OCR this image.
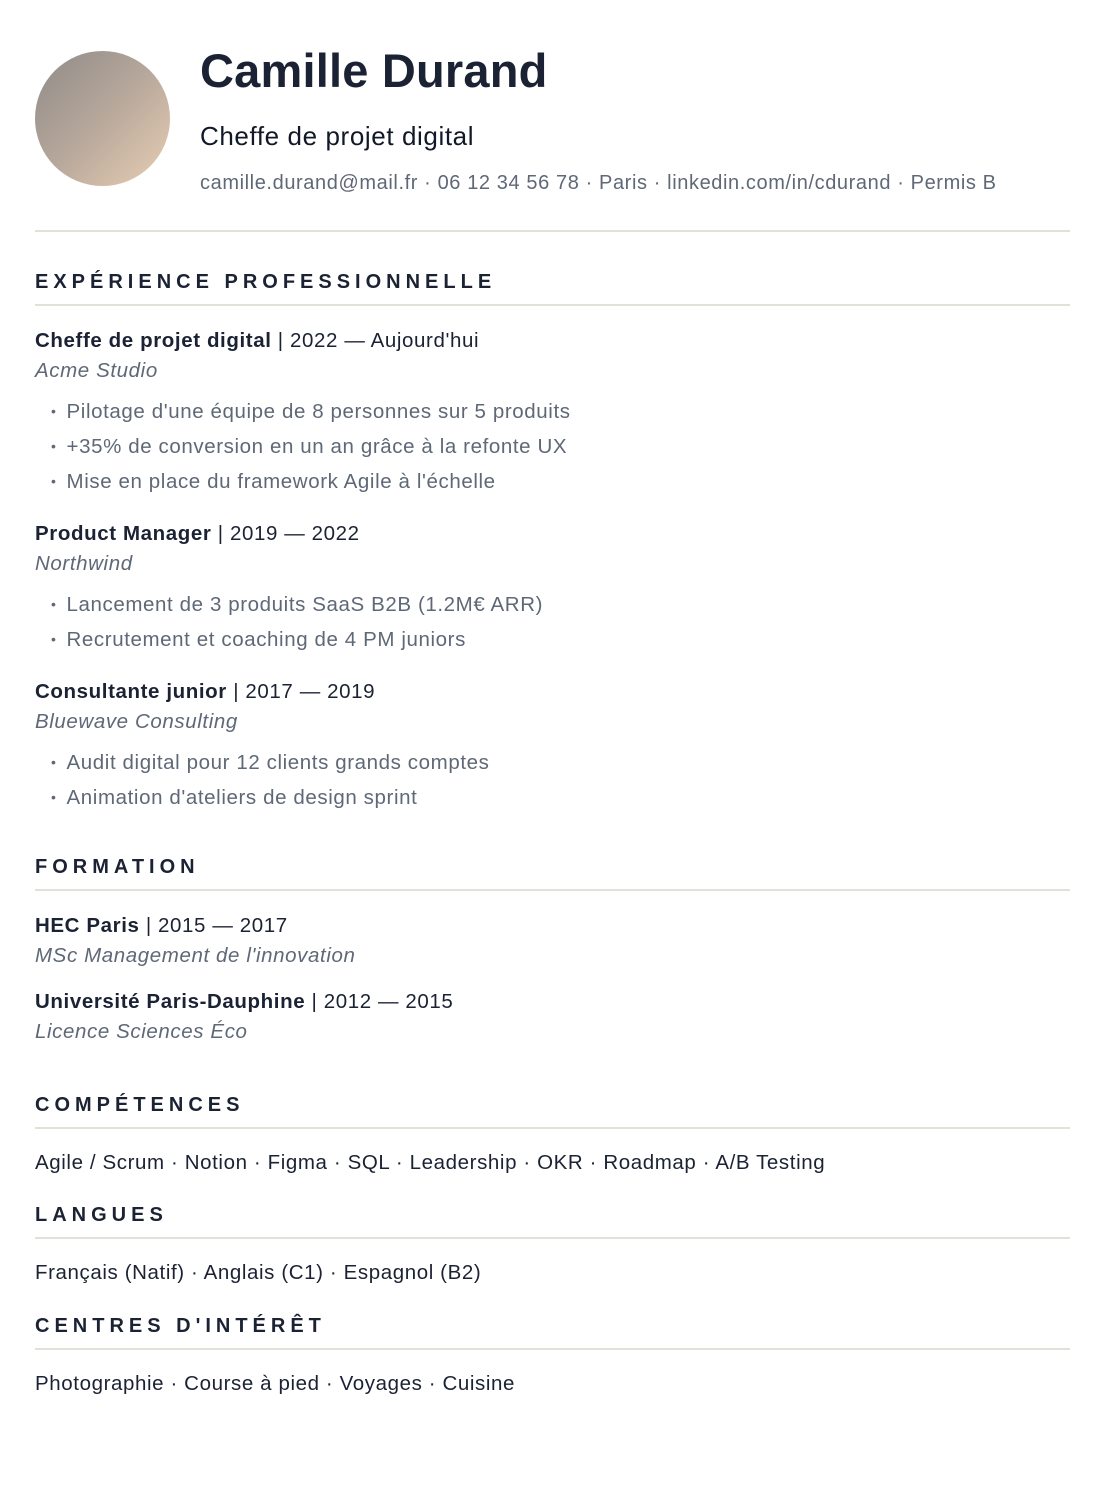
Camille Durand
Cheffe de projet digital
camille.durand@mail.fr · 06 12 34 56 78 · Paris · linkedin.com/in/cdurand · Permis B
EXPÉRIENCE PROFESSIONNELLE
Cheffe de projet digital | 2022 — Aujourd'hui
Acme Studio
• Pilotage d'une équipe de 8 personnes sur 5 produits
• +35% de conversion en un an grâce à la refonte UX
• Mise en place du framework Agile à l'échelle
Product Manager | 2019 — 2022
Northwind
• Lancement de 3 produits SaaS B2B (1.2M€ ARR)
• Recrutement et coaching de 4 PM juniors
Consultante junior | 2017 — 2019
Bluewave Consulting
• Audit digital pour 12 clients grands comptes
• Animation d'ateliers de design sprint
FORMATION
HEC Paris | 2015 — 2017
MSc Management de l'innovation
Université Paris-Dauphine | 2012 — 2015
Licence Sciences Éco
COMPÉTENCES
Agile / Scrum · Notion · Figma · SQL · Leadership · OKR · Roadmap · A/B Testing
LANGUES
Français (Natif) · Anglais (C1) · Espagnol (B2)
CENTRES D'INTÉRÊT
Photographie · Course à pied · Voyages · Cuisine
